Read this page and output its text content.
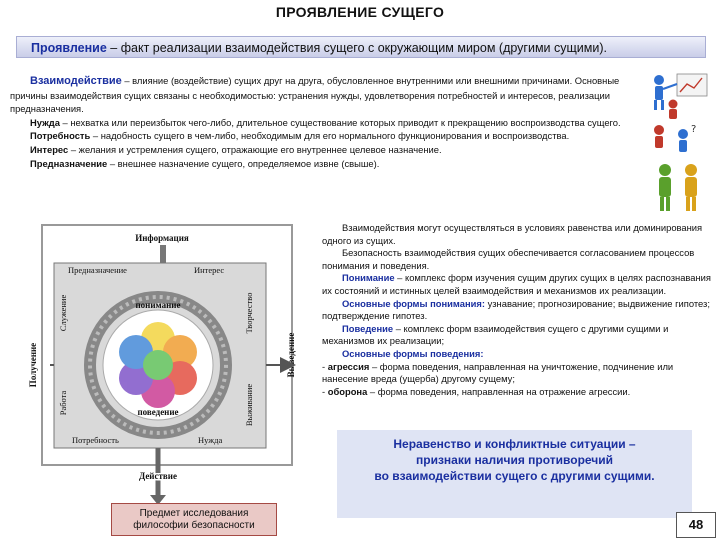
ПРОЯВЛЕНИЕ СУЩЕГО
Проявление – факт реализации взаимодействия сущего с окружающим миром (другими сущими).

Взаимодействие – влияние (воздействие) сущих друг на друга, обусловленное внутренними или внешними причинами. Основные причины взаимодействия сущих связаны с необходимостью: устранения нужды, удовлетворения потребностей и интересов, реализации предназначения.

Нужда – нехватка или переизбыток чего-либо, длительное существование которых приводит к прекращению воспроизводства сущего.

Потребность – надобность сущего в чем-либо, необходимым для его нормального функционирования и воспроизводства.

Интерес – желания и устремления сущего, отражающие его внутреннее целевое назначение.

Предназначение – внешнее назначение сущего, определяемое извне (свыше).

?
Информация
Предназначение	Интерес
понимание
поведение
Потребность	Нужда
Получение
Служение
Работа
Творчество
Выживание
Выведение
Действие
Предмет исследования
философии безопасности

Взаимодействия могут осуществляться в условиях равенства или доминирования одного из сущих.

Безопасность взаимодействия сущих обеспечивается согласованием процессов понимания и поведения.

Понимание – комплекс форм изучения сущим других сущих в целях распознавания их состояний и истинных целей взаимодействия и механизмов их реализации.

Основные формы понимания: узнавание; прогнозирование; выдвижение гипотез; подтверждение гипотез.

Поведение – комплекс форм взаимодействия сущего с другими сущими и механизмов их реализации;

Основные формы поведения:

- агрессия – форма поведения, направленная на уничтожение, подчинение или нанесение вреда (ущерба) другому сущему;

- оборона – форма поведения, направленная на отражение агрессии.

Неравенство и конфликтные ситуации –
признаки наличия противоречий
во взаимодействии сущего с другими сущими.
48
